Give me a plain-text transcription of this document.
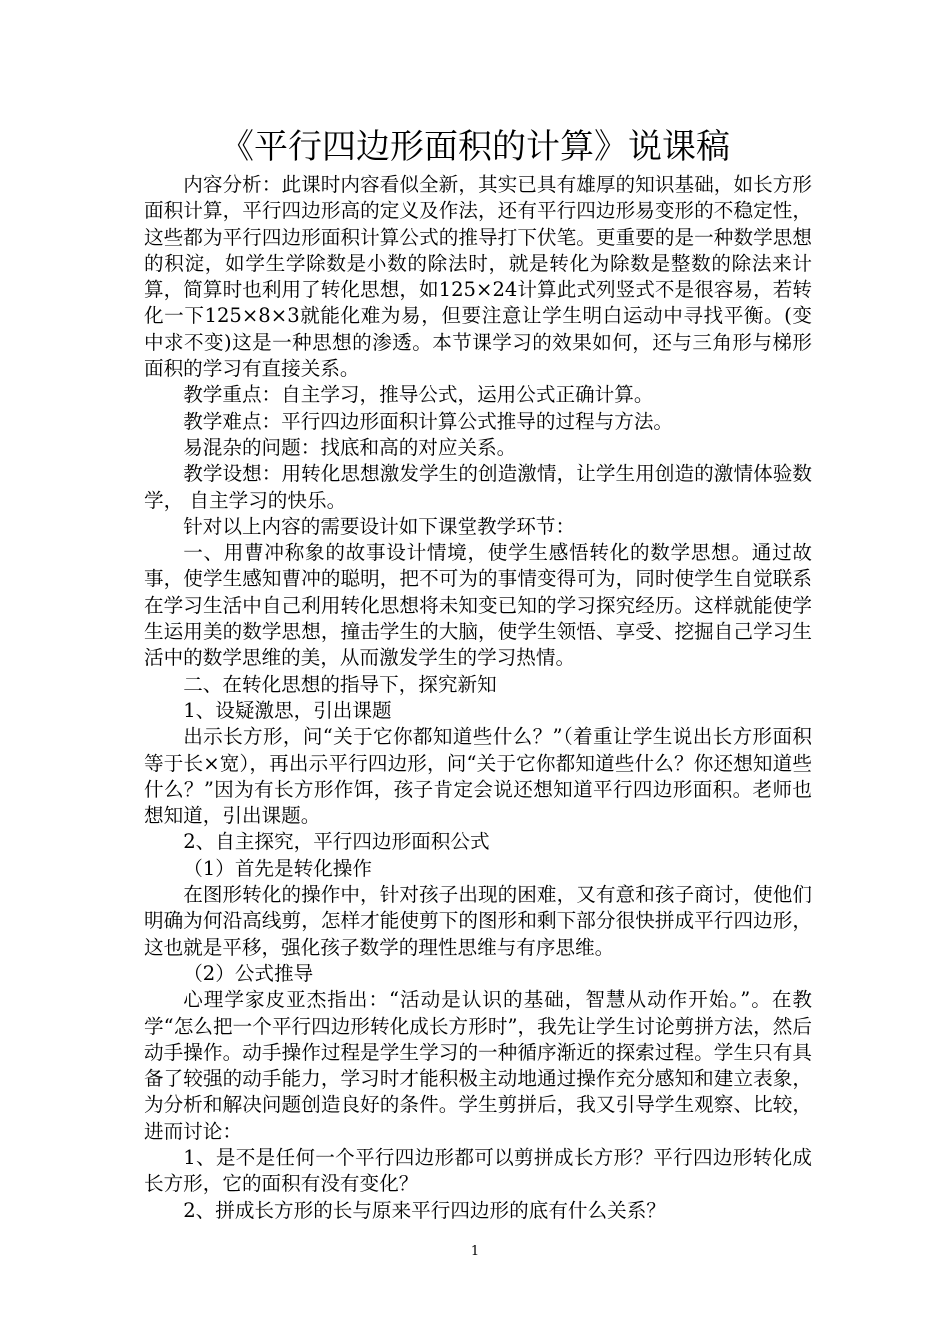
《平行四边形面积的计算》说课稿

内容分析：此课时内容看似全新，其实已具有雄厚的知识基础，如长方形面积计算，平行四边形高的定义及作法，还有平行四边形易变形的不稳定性，这些都为平行四边形面积计算公式的推导打下伏笔。更重要的是一种数学思想的积淀，如学生学除数是小数的除法时，就是转化为除数是整数的除法来计算，简算时也利用了转化思想，如125×24计算此式列竖式不是很容易，若转化一下125×8×3就能化难为易，但要注意让学生明白运动中寻找平衡。(变中求不变)这是一种思想的渗透。本节课学习的效果如何，还与三角形与梯形面积的学习有直接关系。

教学重点：自主学习，推导公式，运用公式正确计算。

教学难点：平行四边形面积计算公式推导的过程与方法。

易混杂的问题：找底和高的对应关系。

教学设想：用转化思想激发学生的创造激情，让学生用创造的激情体验数学， 自主学习的快乐。

针对以上内容的需要设计如下课堂教学环节：

一、用曹冲称象的故事设计情境，使学生感悟转化的数学思想。通过故事，使学生感知曹冲的聪明，把不可为的事情变得可为，同时使学生自觉联系在学习生活中自己利用转化思想将未知变已知的学习探究经历。这样就能使学生运用美的数学思想，撞击学生的大脑，使学生领悟、享受、挖掘自己学习生活中的数学思维的美，从而激发学生的学习热情。

二、在转化思想的指导下，探究新知

1、设疑激思，引出课题

出示长方形，问“关于它你都知道些什么？”（着重让学生说出长方形面积等于长×宽），再出示平行四边形，问“关于它你都知道些什么？你还想知道些什么？”因为有长方形作饵，孩子肯定会说还想知道平行四边形面积。老师也想知道，引出课题。

2、自主探究，平行四边形面积公式

（1）首先是转化操作

在图形转化的操作中，针对孩子出现的困难，又有意和孩子商讨，使他们明确为何沿高线剪，怎样才能使剪下的图形和剩下部分很快拼成平行四边形，这也就是平移，强化孩子数学的理性思维与有序思维。

（2）公式推导

心理学家皮亚杰指出：“活动是认识的基础，智慧从动作开始。”。在教学“怎么把一个平行四边形转化成长方形时”，我先让学生讨论剪拼方法，然后动手操作。动手操作过程是学生学习的一种循序渐近的探索过程。学生只有具备了较强的动手能力，学习时才能积极主动地通过操作充分感知和建立表象，为分析和解决问题创造良好的条件。学生剪拼后，我又引导学生观察、比较，进而讨论：

1、是不是任何一个平行四边形都可以剪拼成长方形？平行四边形转化成长方形，它的面积有没有变化？

2、拼成长方形的长与原来平行四边形的底有什么关系？

1
